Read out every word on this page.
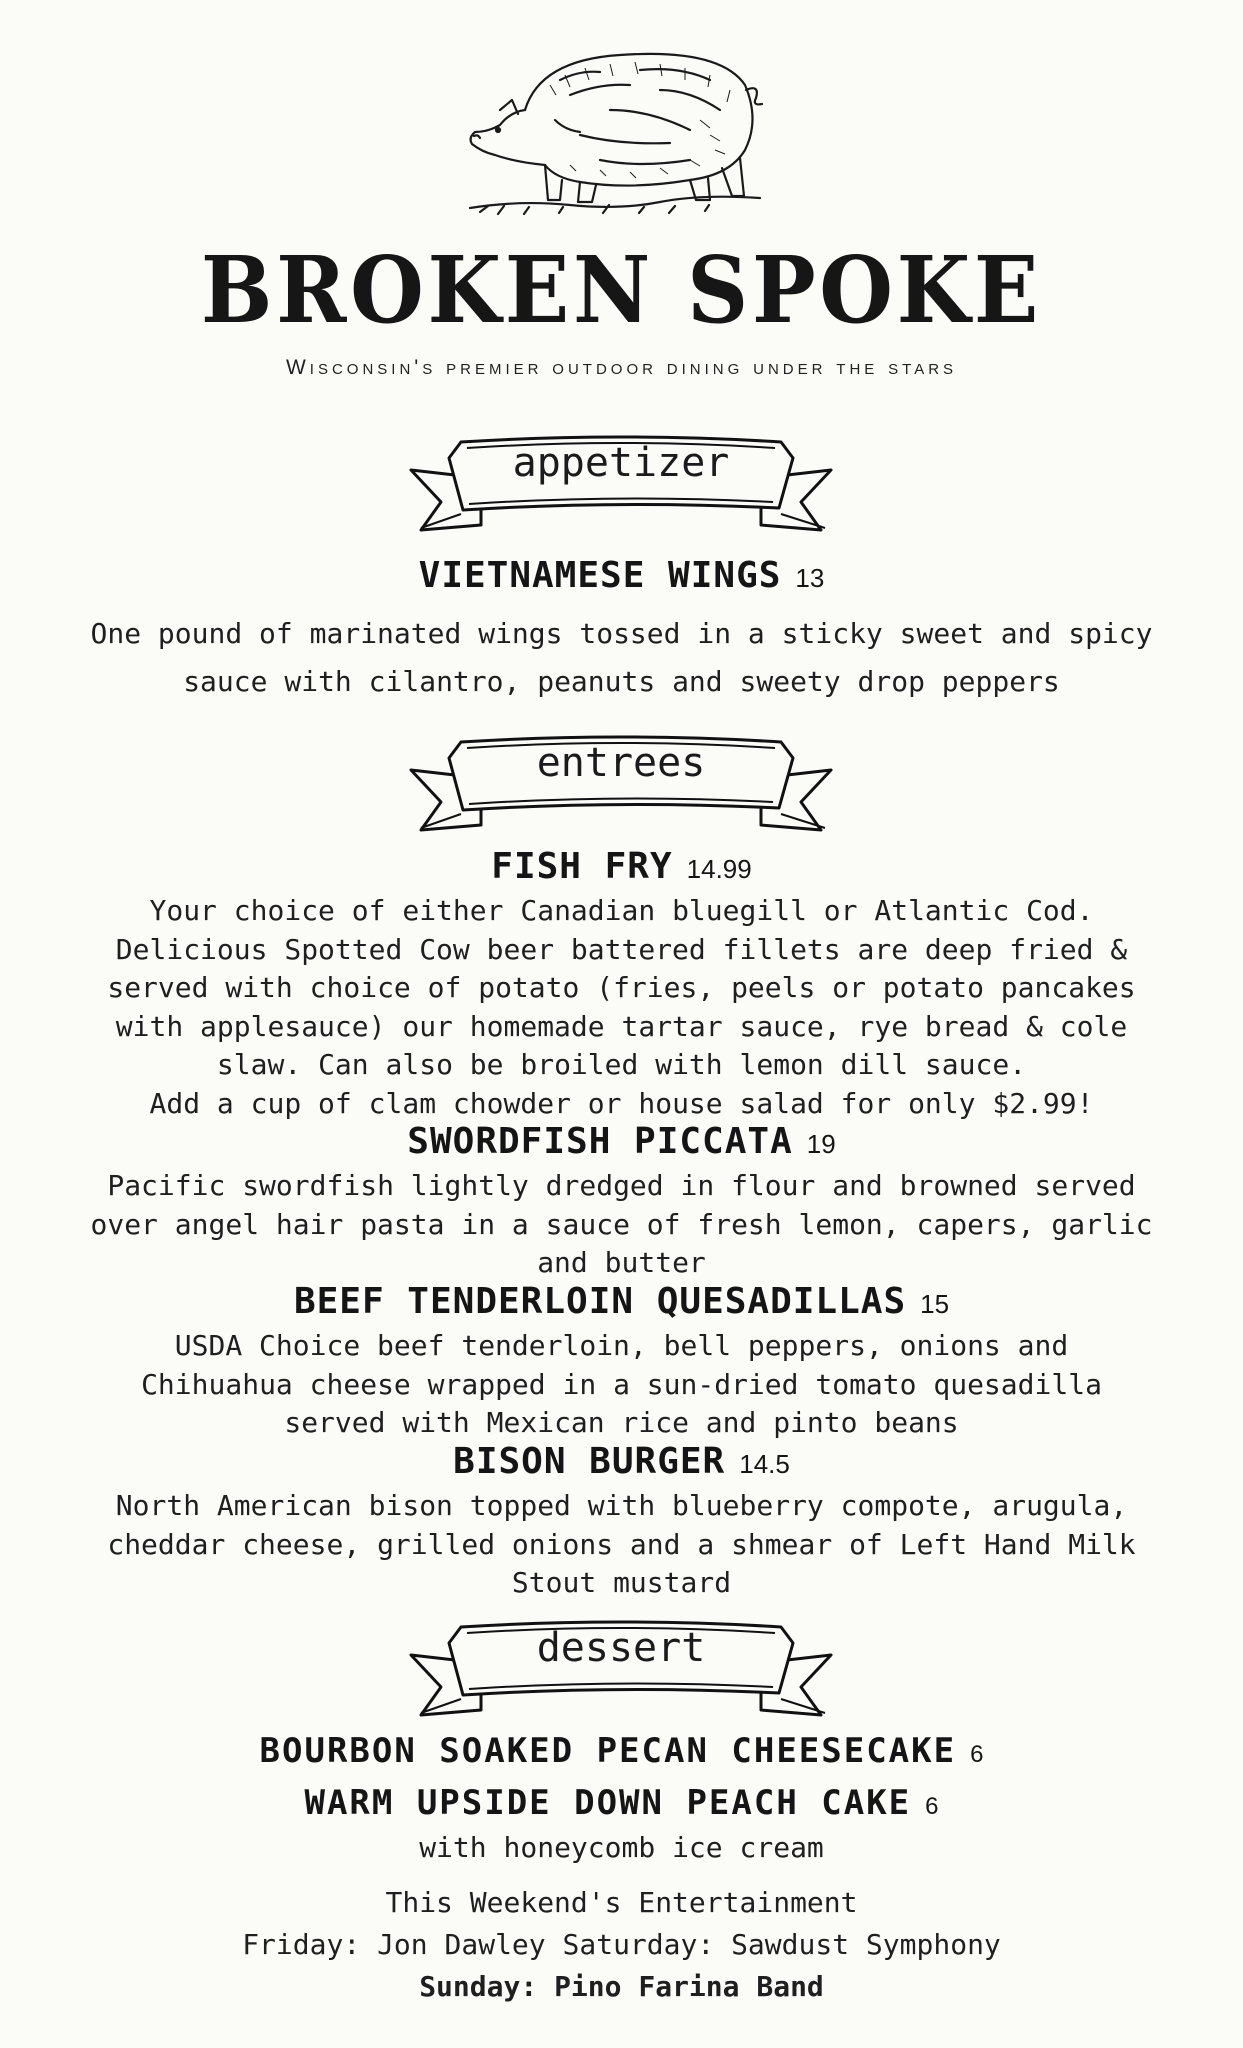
BROKEN SPOKE
Wisconsin's premier outdoor dining under the stars
appetizer
VIETNAMESE WINGS 13
One pound of marinated wings tossed in a sticky sweet and spicy
sauce with cilantro, peanuts and sweety drop peppers
entrees
FISH FRY 14.99
Your choice of either Canadian bluegill or Atlantic Cod.
Delicious Spotted Cow beer battered fillets are deep fried &
served with choice of potato (fries, peels or potato pancakes
with applesauce) our homemade tartar sauce, rye bread & cole
slaw. Can also be broiled with lemon dill sauce.
Add a cup of clam chowder or house salad for only $2.99!
SWORDFISH PICCATA 19
Pacific swordfish lightly dredged in flour and browned served
over angel hair pasta in a sauce of fresh lemon, capers, garlic
and butter
BEEF TENDERLOIN QUESADILLAS 15
USDA Choice beef tenderloin, bell peppers, onions and
Chihuahua cheese wrapped in a sun-dried tomato quesadilla
served with Mexican rice and pinto beans
BISON BURGER 14.5
North American bison topped with blueberry compote, arugula,
cheddar cheese, grilled onions and a shmear of Left Hand Milk
Stout mustard
dessert
BOURBON SOAKED PECAN CHEESECAKE 6
WARM UPSIDE DOWN PEACH CAKE 6
with honeycomb ice cream
This Weekend's Entertainment
Friday: Jon Dawley Saturday: Sawdust Symphony
Sunday: Pino Farina Band
